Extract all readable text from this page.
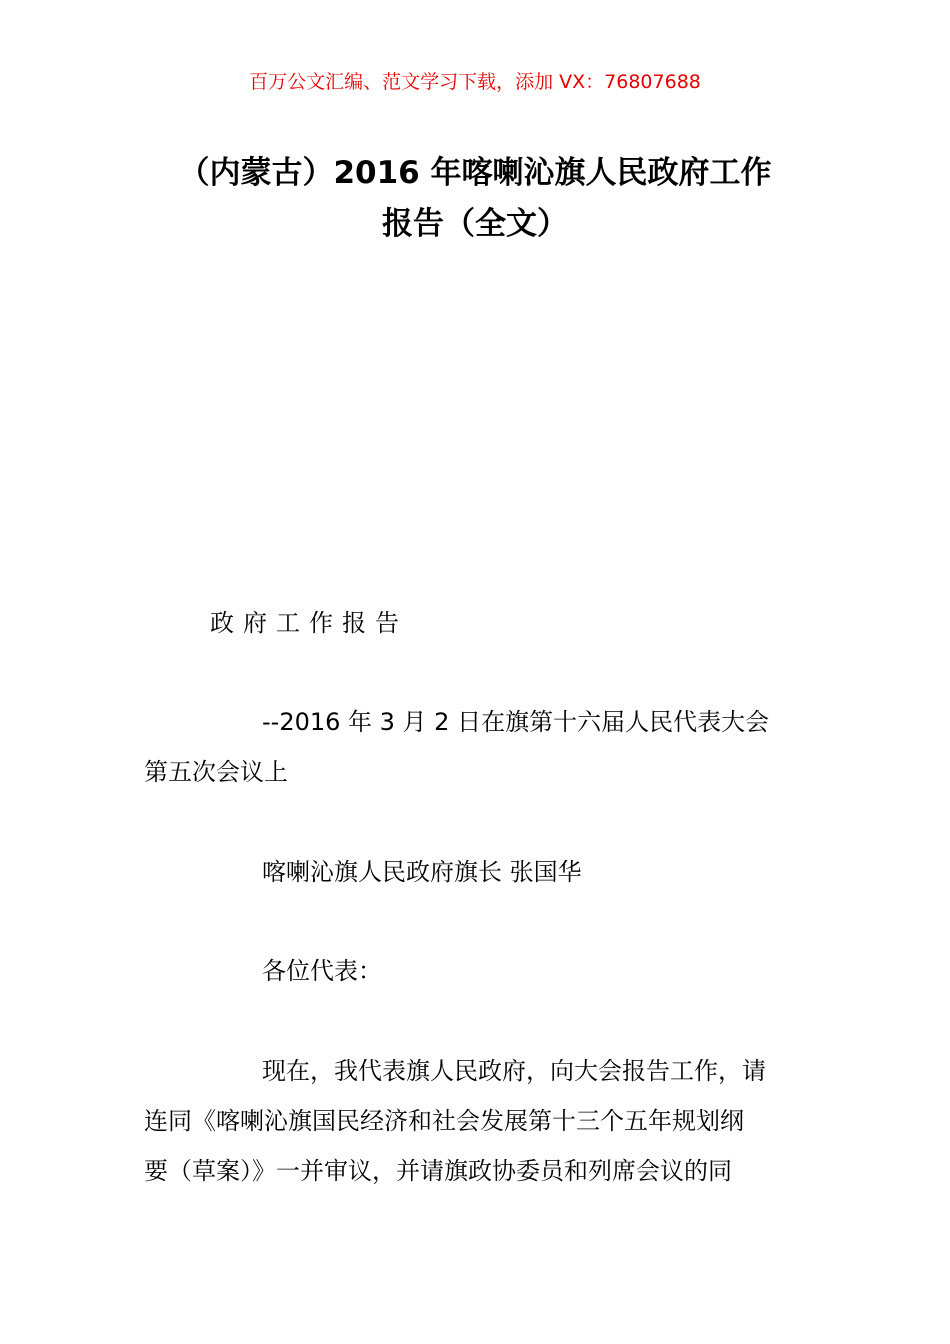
百万公文汇编、范文学习下载，添加 VX：76807688
（内蒙古）2016 年喀喇沁旗人民政府工作
报告（全文）
政府工作报告
--2016 年 3 月 2 日在旗第十六届人民代表大会
第五次会议上
喀喇沁旗人民政府旗长 张国华
各位代表：
现在，我代表旗人民政府，向大会报告工作，请
连同《喀喇沁旗国民经济和社会发展第十三个五年规划纲
要（草案）》一并审议，并请旗政协委员和列席会议的同
